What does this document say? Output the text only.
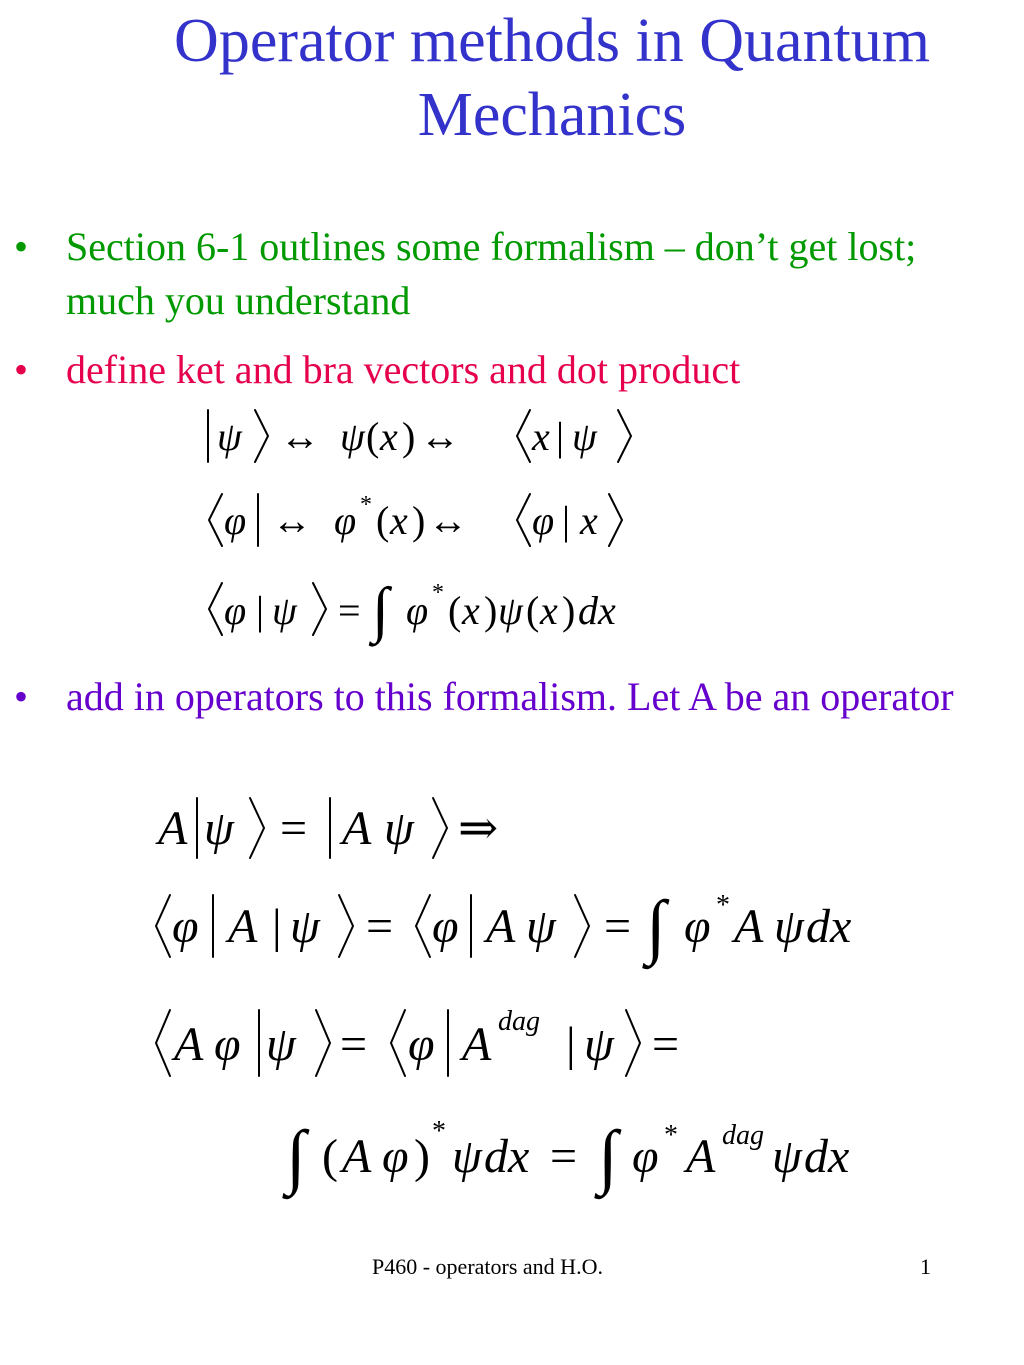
Operator methods in Quantum Mechanics
• Section 6-1 outlines some formalism – don’t get lost; much you understand
• define ket and bra vectors and dot product
• add in operators to this formalism. Let A be an operator
ψ ↔ ψ ( x ) ↔ x | ψ
φ ↔ φ * ( x ) ↔ φ | x
φ | ψ = ∫ φ * ( x ) ψ ( x ) dx
A ψ = A ψ ⇒
φ A | ψ = φ A ψ = ∫ φ * A ψ dx
A φ ψ = φ A dag | ψ =
∫ ( A φ ) * ψ dx = ∫ φ * A dag ψ dx
P460 - operators and H.O.	1
